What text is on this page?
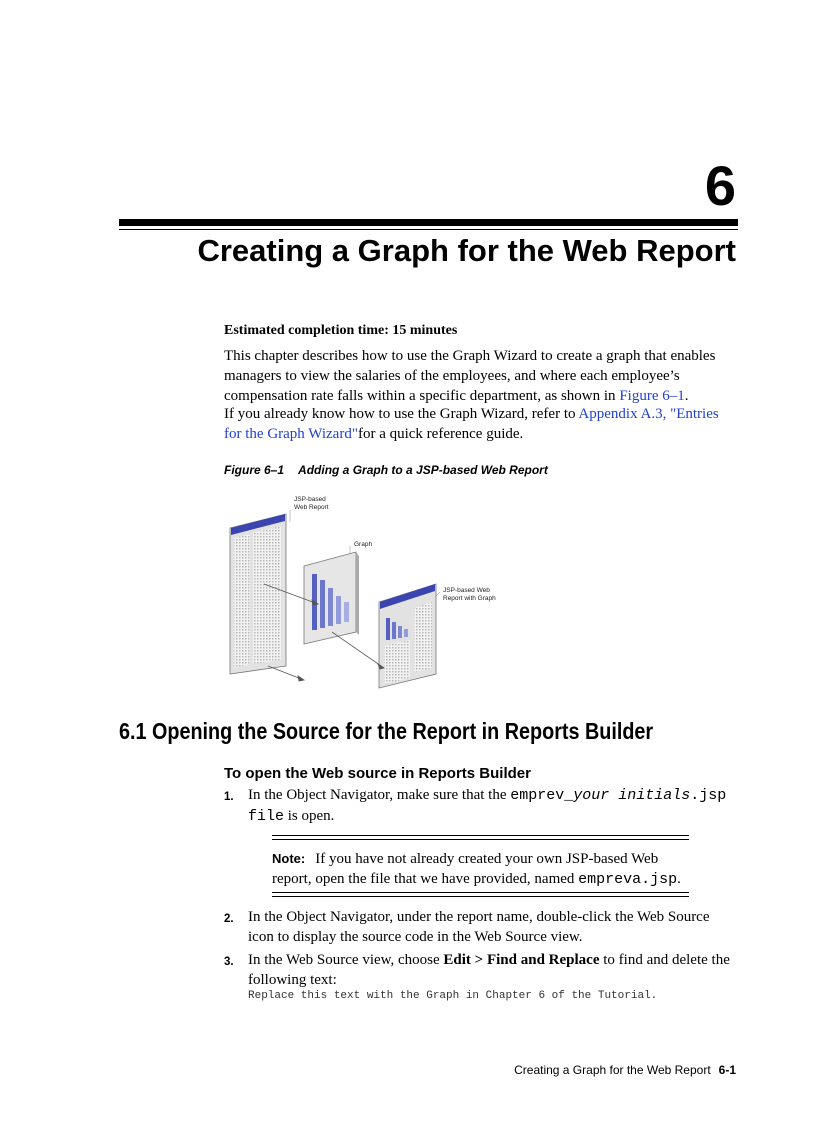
6
Creating a Graph for the Web Report
Estimated completion time: 15 minutes
This chapter describes how to use the Graph Wizard to create a graph that enables managers to view the salaries of the employees, and where each employee’s compensation rate falls within a specific department, as shown in Figure 6–1.
If you already know how to use the Graph Wizard, refer to Appendix A.3, "Entries for the Graph Wizard"for a quick reference guide.
Figure 6–1 Adding a Graph to a JSP-based Web Report
JSP-based
Web Report
Graph
JSP-based Web
Report with Graph
6.1 Opening the Source for the Report in Reports Builder
To open the Web source in Reports Builder
1. In the Object Navigator, make sure that the emprev_your initials.jsp file is open.
Note: If you have not already created your own JSP-based Web report, open the file that we have provided, named empreva.jsp.
2. In the Object Navigator, under the report name, double-click the Web Source icon to display the source code in the Web Source view.
3. In the Web Source view, choose Edit > Find and Replace to find and delete the following text:
Replace this text with the Graph in Chapter 6 of the Tutorial.
Creating a Graph for the Web Report 6-1
